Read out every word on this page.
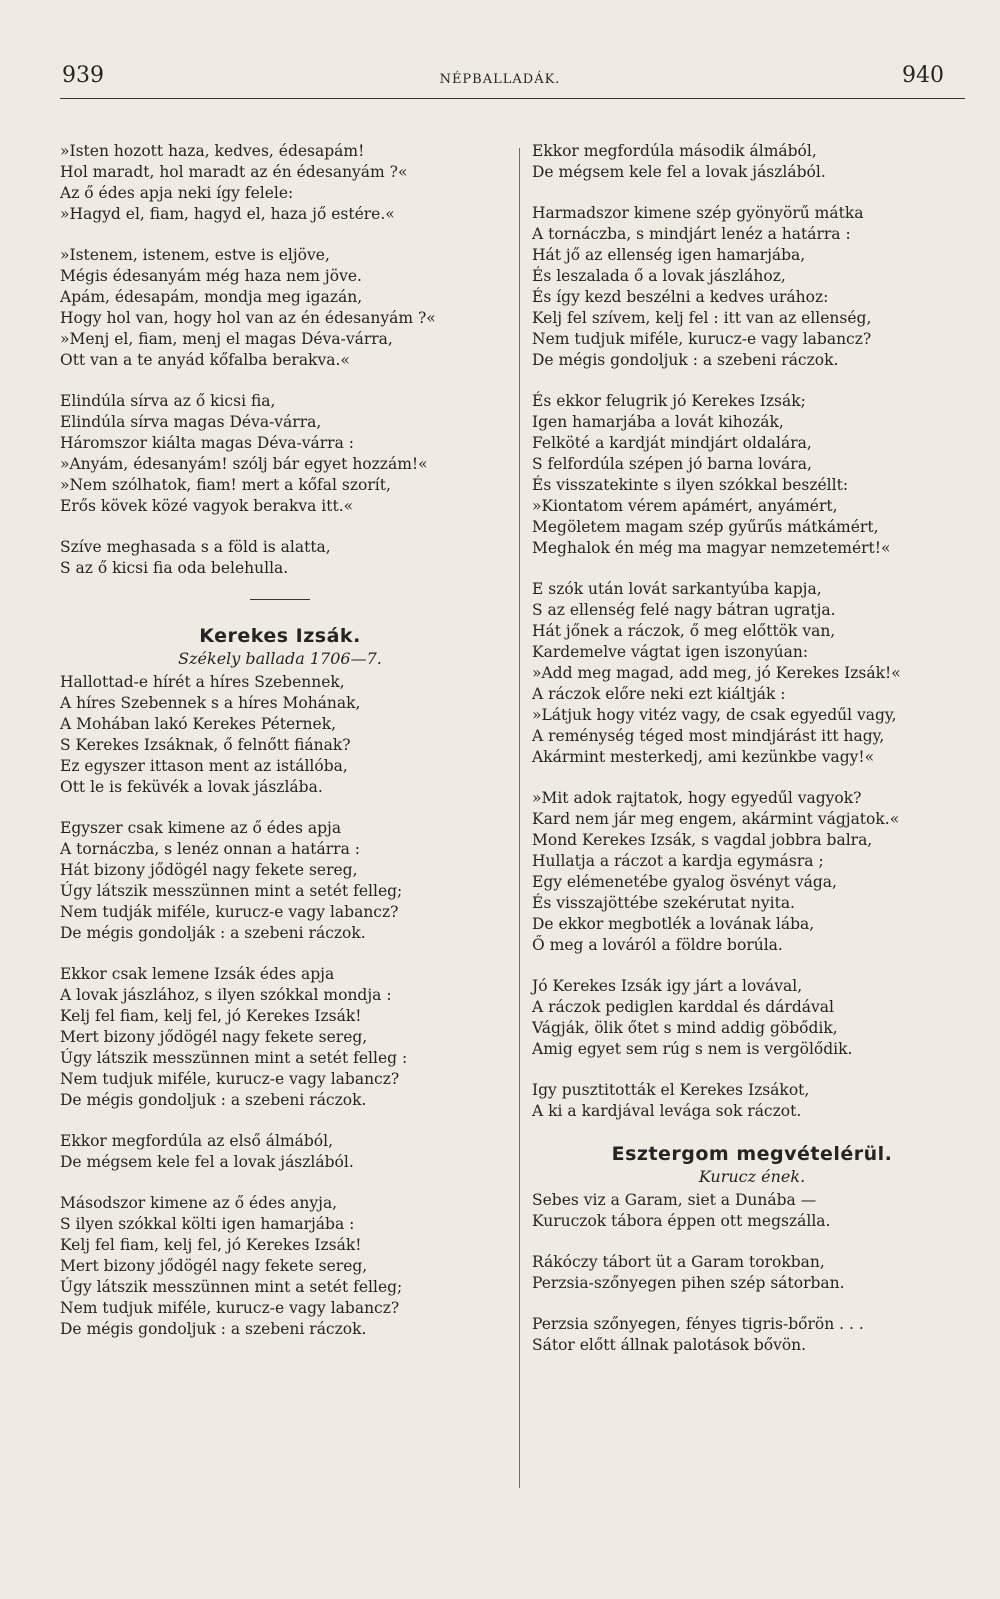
939	NÉPBALLADÁK.	940
»Isten hozott haza, kedves, édesapám!
Hol maradt, hol maradt az én édesanyám ?«
Az ő édes apja neki így felele:
»Hagyd el, fiam, hagyd el, haza jő estére.«
»Istenem, istenem, estve is eljöve,
Mégis édesanyám még haza nem jöve.
Apám, édesapám, mondja meg igazán,
Hogy hol van, hogy hol van az én édesanyám ?«
»Menj el, fiam, menj el magas Déva-várra,
Ott van a te anyád kőfalba berakva.«
Elindúla sírva az ő kicsi fia,
Elindúla sírva magas Déva-várra,
Háromszor kiálta magas Déva-várra :
»Anyám, édesanyám! szólj bár egyet hozzám!«
»Nem szólhatok, fiam! mert a kőfal szorít,
Erős kövek közé vagyok berakva itt.«
Szíve meghasada s a föld is alatta,
S az ő kicsi fia oda belehulla.
Kerekes Izsák.
Székely ballada 1706—7.
Hallottad-e hírét a híres Szebennek,
A híres Szebennek s a híres Mohának,
A Mohában lakó Kerekes Péternek,
S Kerekes Izsáknak, ő felnőtt fiának?
Ez egyszer ittason ment az istállóba,
Ott le is feküvék a lovak jászlába.
Egyszer csak kimene az ő édes apja
A tornáczba, s lenéz onnan a határra :
Hát bizony jődögél nagy fekete sereg,
Úgy látszik messzünnen mint a setét felleg;
Nem tudják miféle, kurucz-e vagy labancz?
De mégis gondolják : a szebeni ráczok.
Ekkor csak lemene Izsák édes apja
A lovak jászlához, s ilyen szókkal mondja :
Kelj fel fiam, kelj fel, jó Kerekes Izsák!
Mert bizony jődögél nagy fekete sereg,
Úgy látszik messzünnen mint a setét felleg :
Nem tudjuk miféle, kurucz-e vagy labancz?
De mégis gondoljuk : a szebeni ráczok.
Ekkor megfordúla az első álmából,
De mégsem kele fel a lovak jászlából.
Másodszor kimene az ő édes anyja,
S ilyen szókkal költi igen hamarjába :
Kelj fel fiam, kelj fel, jó Kerekes Izsák!
Mert bizony jődögél nagy fekete sereg,
Úgy látszik messzünnen mint a setét felleg;
Nem tudjuk miféle, kurucz-e vagy labancz?
De mégis gondoljuk : a szebeni ráczok.
Ekkor megfordúla második álmából,
De mégsem kele fel a lovak jászlából.
Harmadszor kimene szép gyönyörű mátka
A tornáczba, s mindjárt lenéz a határra :
Hát jő az ellenség igen hamarjába,
És leszalada ő a lovak jászlához,
És így kezd beszélni a kedves urához:
Kelj fel szívem, kelj fel : itt van az ellenség,
Nem tudjuk miféle, kurucz-e vagy labancz?
De mégis gondoljuk : a szebeni ráczok.
És ekkor felugrik jó Kerekes Izsák;
Igen hamarjába a lovát kihozák,
Felköté a kardját mindjárt oldalára,
S felfordúla szépen jó barna lovára,
És visszatekinte s ilyen szókkal beszéllt:
»Kiontatom vérem apámért, anyámért,
Megöletem magam szép gyűrűs mátkámért,
Meghalok én még ma magyar nemzetemért!«
E szók után lovát sarkantyúba kapja,
S az ellenség felé nagy bátran ugratja.
Hát jőnek a ráczok, ő meg előttök van,
Kardemelve vágtat igen iszonyúan:
»Add meg magad, add meg, jó Kerekes Izsák!«
A ráczok előre neki ezt kiáltják :
»Látjuk hogy vitéz vagy, de csak egyedűl vagy,
A reménység téged most mindjárást itt hagy,
Akármint mesterkedj, ami kezünkbe vagy!«
»Mit adok rajtatok, hogy egyedűl vagyok?
Kard nem jár meg engem, akármint vágjatok.«
Mond Kerekes Izsák, s vagdal jobbra balra,
Hullatja a ráczot a kardja egymásra ;
Egy elémenetébe gyalog ösvényt vága,
És visszajöttébe szekérutat nyita.
De ekkor megbotlék a lovának lába,
Ő meg a lováról a földre borúla.
Jó Kerekes Izsák igy járt a lovával,
A ráczok pediglen karddal és dárdával
Vágják, ölik őtet s mind addig göbődik,
Amig egyet sem rúg s nem is vergölődik.
Igy pusztitották el Kerekes Izsákot,
A ki a kardjával levága sok ráczot.
Esztergom megvételérül.
Kurucz ének.
Sebes viz a Garam, siet a Dunába —
Kuruczok tábora éppen ott megszálla.
Rákóczy tábort üt a Garam torokban,
Perzsia-szőnyegen pihen szép sátorban.
Perzsia szőnyegen, fényes tigris-bőrön . . .
Sátor előtt állnak palotások bővön.
